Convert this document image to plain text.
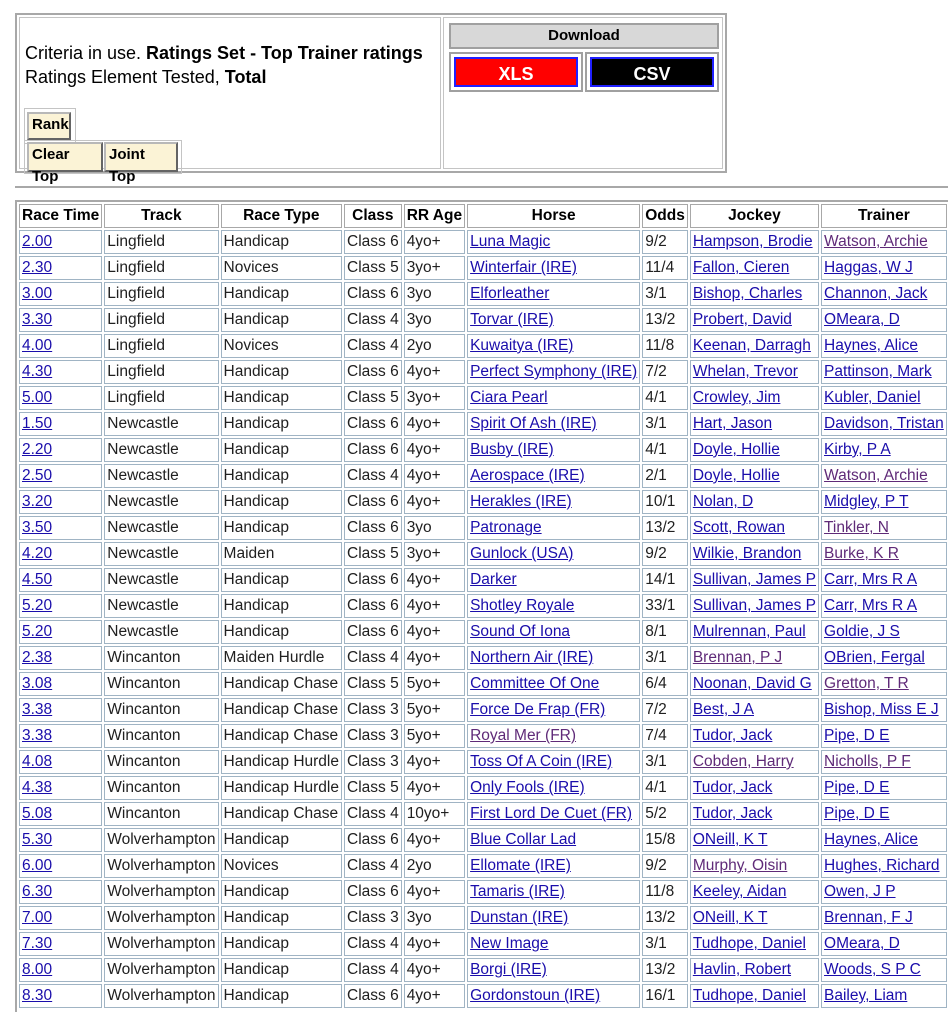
Criteria in use. Ratings Set - Top Trainer ratings
Ratings Element Tested, Total
Rank
Clear Top
Joint Top
Download
XLS	CSV
Race Time	Track	Race Type	Class	RR Age	Horse	Odds	Jockey	Trainer	
2.00	Lingfield	Handicap	Class 6	4yo+	Luna Magic	9/2	Hampson, Brodie	Watson, Archie	
2.30	Lingfield	Novices	Class 5	3yo+	Winterfair (IRE)	11/4	Fallon, Cieren	Haggas, W J	
3.00	Lingfield	Handicap	Class 6	3yo	Elforleather	3/1	Bishop, Charles	Channon, Jack	
3.30	Lingfield	Handicap	Class 4	3yo	Torvar (IRE)	13/2	Probert, David	OMeara, D	
4.00	Lingfield	Novices	Class 4	2yo	Kuwaitya (IRE)	11/8	Keenan, Darragh	Haynes, Alice	
4.30	Lingfield	Handicap	Class 6	4yo+	Perfect Symphony (IRE)	7/2	Whelan, Trevor	Pattinson, Mark	
5.00	Lingfield	Handicap	Class 5	3yo+	Ciara Pearl	4/1	Crowley, Jim	Kubler, Daniel	
1.50	Newcastle	Handicap	Class 6	4yo+	Spirit Of Ash (IRE)	3/1	Hart, Jason	Davidson, Tristan	
2.20	Newcastle	Handicap	Class 6	4yo+	Busby (IRE)	4/1	Doyle, Hollie	Kirby, P A	
2.50	Newcastle	Handicap	Class 4	4yo+	Aerospace (IRE)	2/1	Doyle, Hollie	Watson, Archie	
3.20	Newcastle	Handicap	Class 6	4yo+	Herakles (IRE)	10/1	Nolan, D	Midgley, P T	
3.50	Newcastle	Handicap	Class 6	3yo	Patronage	13/2	Scott, Rowan	Tinkler, N	
4.20	Newcastle	Maiden	Class 5	3yo+	Gunlock (USA)	9/2	Wilkie, Brandon	Burke, K R	
4.50	Newcastle	Handicap	Class 6	4yo+	Darker	14/1	Sullivan, James P	Carr, Mrs R A	
5.20	Newcastle	Handicap	Class 6	4yo+	Shotley Royale	33/1	Sullivan, James P	Carr, Mrs R A	
5.20	Newcastle	Handicap	Class 6	4yo+	Sound Of Iona	8/1	Mulrennan, Paul	Goldie, J S	
2.38	Wincanton	Maiden Hurdle	Class 4	4yo+	Northern Air (IRE)	3/1	Brennan, P J	OBrien, Fergal	
3.08	Wincanton	Handicap Chase	Class 5	5yo+	Committee Of One	6/4	Noonan, David G	Gretton, T R	
3.38	Wincanton	Handicap Chase	Class 3	5yo+	Force De Frap (FR)	7/2	Best, J A	Bishop, Miss E J	
3.38	Wincanton	Handicap Chase	Class 3	5yo+	Royal Mer (FR)	7/4	Tudor, Jack	Pipe, D E	
4.08	Wincanton	Handicap Hurdle	Class 3	4yo+	Toss Of A Coin (IRE)	3/1	Cobden, Harry	Nicholls, P F	
4.38	Wincanton	Handicap Hurdle	Class 5	4yo+	Only Fools (IRE)	4/1	Tudor, Jack	Pipe, D E	
5.08	Wincanton	Handicap Chase	Class 4	10yo+	First Lord De Cuet (FR)	5/2	Tudor, Jack	Pipe, D E	
5.30	Wolverhampton	Handicap	Class 6	4yo+	Blue Collar Lad	15/8	ONeill, K T	Haynes, Alice	
6.00	Wolverhampton	Novices	Class 4	2yo	Ellomate (IRE)	9/2	Murphy, Oisin	Hughes, Richard	
6.30	Wolverhampton	Handicap	Class 6	4yo+	Tamaris (IRE)	11/8	Keeley, Aidan	Owen, J P	
7.00	Wolverhampton	Handicap	Class 3	3yo	Dunstan (IRE)	13/2	ONeill, K T	Brennan, F J	
7.30	Wolverhampton	Handicap	Class 4	4yo+	New Image	3/1	Tudhope, Daniel	OMeara, D	
8.00	Wolverhampton	Handicap	Class 4	4yo+	Borgi (IRE)	13/2	Havlin, Robert	Woods, S P C	
8.30	Wolverhampton	Handicap	Class 6	4yo+	Gordonstoun (IRE)	16/1	Tudhope, Daniel	Bailey, Liam	
